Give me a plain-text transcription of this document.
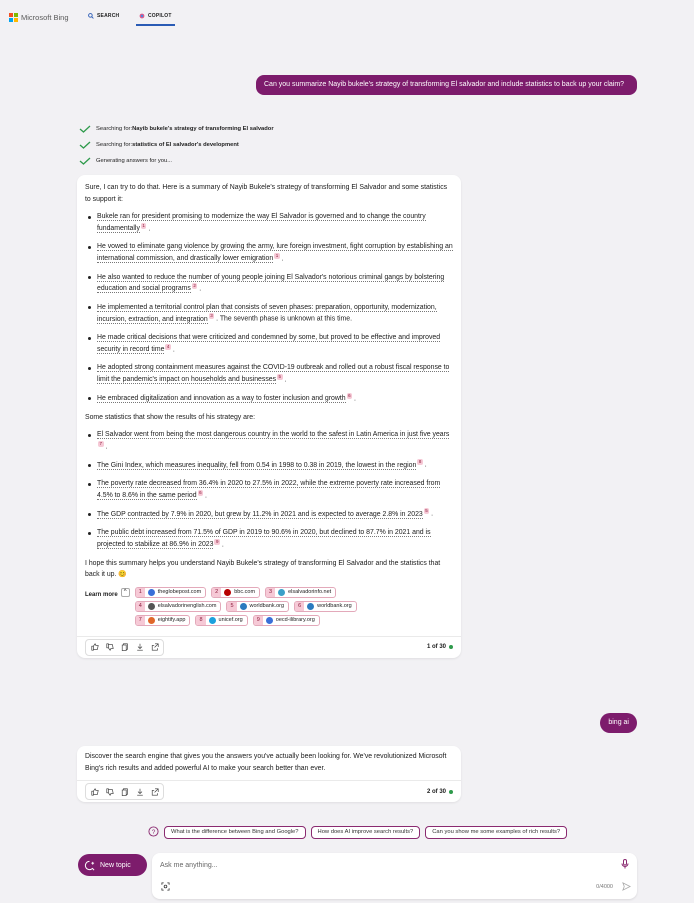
Microsoft Bing	SEARCH	COPILOT
Can you summarize Nayib bukele's strategy of transforming El salvador and include statistics to back up your claim?
Searching for: Nayib bukele's strategy of transforming El salvador
Searching for: statistics of El salvador's development
Generating answers for you...

Sure, I can try to do that. Here is a summary of Nayib Bukele's strategy of transforming El Salvador and some statistics to support it:

Bukele ran for president promising to modernize the way El Salvador is governed and to change the country fundamentally 1 .
He vowed to eliminate gang violence by growing the army, lure foreign investment, fight corruption by establishing an international commission, and drastically lower emigration 1 .
He also wanted to reduce the number of young people joining El Salvador's notorious criminal gangs by bolstering education and social programs 2 .
He implemented a territorial control plan that consists of seven phases: preparation, opportunity, modernization, incursion, extraction, and integration 3 . The seventh phase is unknown at this time.
He made critical decisions that were criticized and condemned by some, but proved to be effective and improved security in record time 4 .
He adopted strong containment measures against the COVID-19 outbreak and rolled out a robust fiscal response to limit the pandemic's impact on households and businesses 5 .
He embraced digitalization and innovation as a way to foster inclusion and growth 6 .

Some statistics that show the results of his strategy are:

El Salvador went from being the most dangerous country in the world to the safest in Latin America in just five years7 .
The Gini Index, which measures inequality, fell from 0.54 in 1998 to 0.38 in 2019, the lowest in the region 8 .
The poverty rate decreased from 36.4% in 2020 to 27.5% in 2022, while the extreme poverty rate increased from 4.5% to 8.6% in the same period 6 .
The GDP contracted by 7.9% in 2020, but grew by 11.2% in 2021 and is expected to average 2.8% in 2023 5 .
The public debt increased from 71.5% of GDP in 2019 to 90.6% in 2020, but declined to 87.7% in 2021 and is projected to stabilize at 86.9% in 2023 9 .

I hope this summary helps you understand Nayib Bukele's strategy of transforming El Salvador and the statistics that back it up. 😊

Learn more	^	1	theglobepost.com	2	bbc.com	3	elsalvadorinfo.net
4	elsalvadorinenglish.com	5	worldbank.org	6	worldbank.org
7	eightify.app	8	unicef.org	9	oecd-ilibrary.org
1 of 30
bing ai

Discover the search engine that gives you the answers you've actually been looking for. We've revolutionized Microsoft Bing's rich results and added powerful AI to make your search better than ever.

2 of 30
?	What is the difference between Bing and Google?	How does AI improve search results?	Can you show me some examples of rich results?
New topic	Ask me anything...
0/4000
